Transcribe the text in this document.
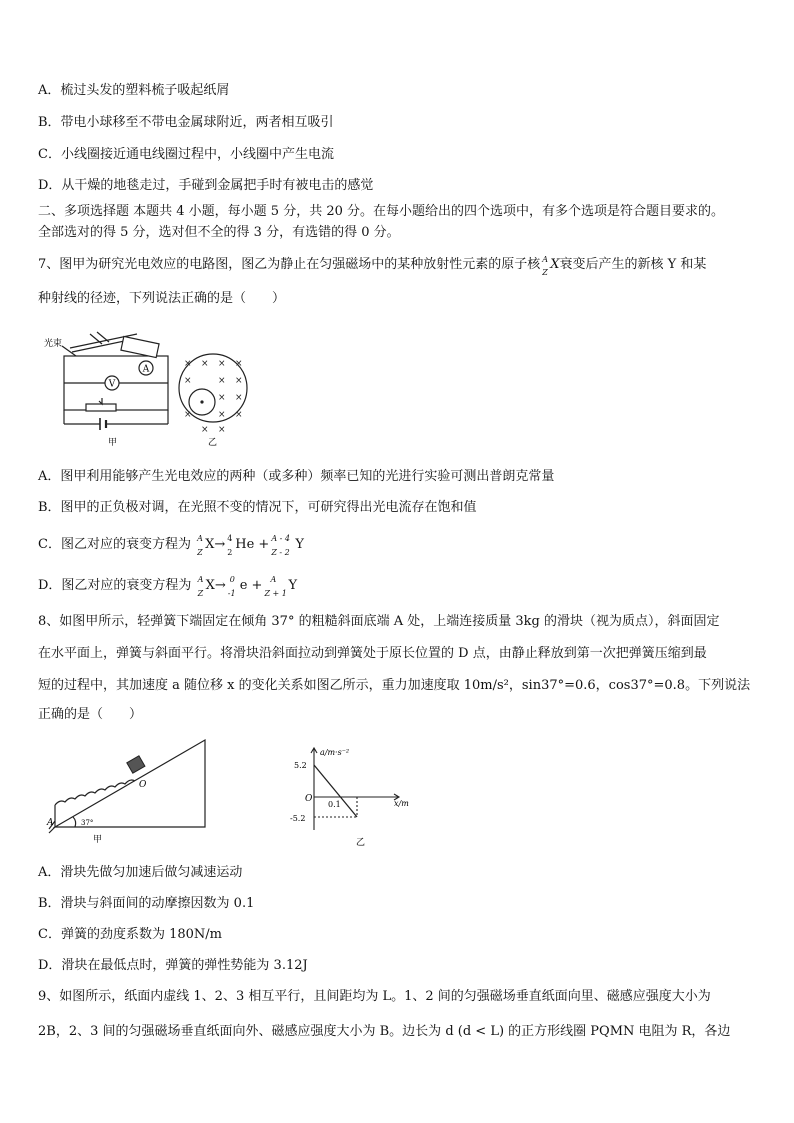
A．梳过头发的塑料梳子吸起纸屑
B．带电小球移至不带电金属球附近，两者相互吸引
C．小线圈接近通电线圈过程中，小线圈中产生电流
D．从干燥的地毯走过，手碰到金属把手时有被电击的感觉
二、多项选择题 本题共 4 小题，每小题 5 分，共 20 分。在每小题给出的四个选项中，有多个选项是符合题目要求的。
全部选对的得 5 分，选对但不全的得 3 分，有选错的得 0 分。
7、图甲为研究光电效应的电路图，图乙为静止在匀强磁场中的某种放射性元素的原子核 A
Z
X衰变后产生的新核 Y 和某
种射线的径迹，下列说法正确的是（　　）
V
A
光束
甲
× × × ×
×	× ×
× ×
×	× ×
× ×
乙
A．图甲利用能够产生光电效应的两种（或多种）频率已知的光进行实验可测出普朗克常量
B．图甲的正负极对调，在光照不变的情况下，可研究得出光电流存在饱和值
C．图乙对应的衰变方程为 A
Z
X→ 4
2
He + A - 4
Z - 2
Y
D．图乙对应的衰变方程为 A
Z
X→ 0
-1
e + A
Z + 1
Y
8、如图甲所示，轻弹簧下端固定在倾角 37° 的粗糙斜面底端 A 处，上端连接质量 3kg 的滑块（视为质点），斜面固定
在水平面上，弹簧与斜面平行。将滑块沿斜面拉动到弹簧处于原长位置的 D 点，由静止释放到第一次把弹簧压缩到最
短的过程中，其加速度 a 随位移 x 的变化关系如图乙所示，重力加速度取 10m/s²，sin37°=0.6，cos37°=0.8。下列说法
正确的是（　　）
A
O
37°
甲
a/m·s⁻²
x/m
O
5.2
-5.2
0.1
乙
A．滑块先做匀加速后做匀减速运动
B．滑块与斜面间的动摩擦因数为 0.1
C．弹簧的劲度系数为 180N/m
D．滑块在最低点时，弹簧的弹性势能为 3.12J
9、如图所示，纸面内虚线 1、2、3 相互平行，且间距均为 L。1、2 间的匀强磁场垂直纸面向里、磁感应强度大小为
2B，2、3 间的匀强磁场垂直纸面向外、磁感应强度大小为 B。边长为 d (d < L) 的正方形线圈 PQMN 电阻为 R，各边
